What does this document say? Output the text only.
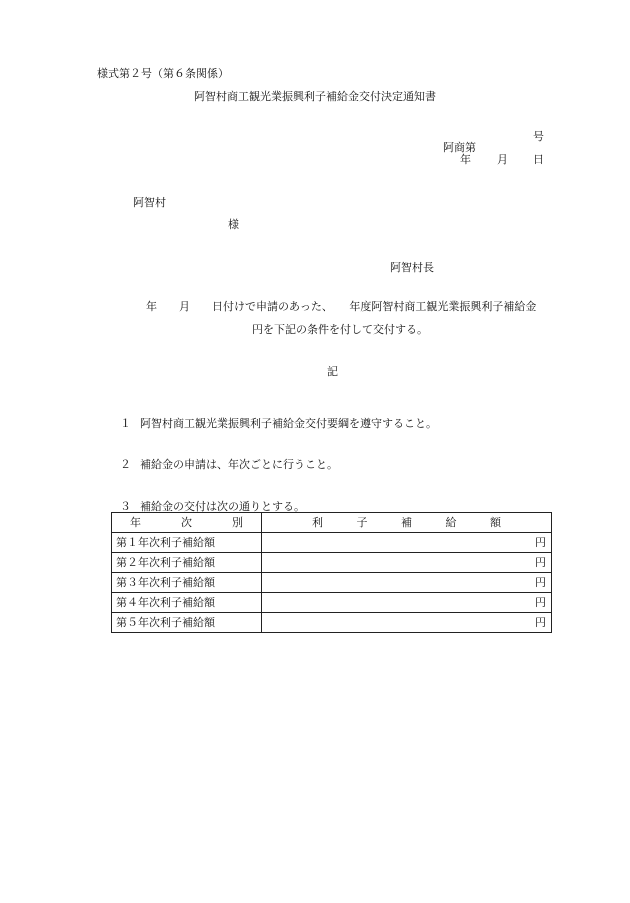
様式第２号（第６条関係）
阿智村商工観光業振興利子補給金交付決定通知書

阿商第

号

年

月

日

阿智村
様
阿智村長
年　　月　　日付けで申請のあった、　　年度阿智村商工観光業振興利子補給金
円を下記の条件を付して交付する。
記

１ 阿智村商工観光業振興利子補給金交付要綱を遵守すること。

２ 補給金の申請は、年次ごとに行うこと。

３ 補給金の交付は次の通りとする。

年 次 別	利 子 補 給 額

第１年次利子補給額	円
第２年次利子補給額	円
第３年次利子補給額	円
第４年次利子補給額	円
第５年次利子補給額	円
